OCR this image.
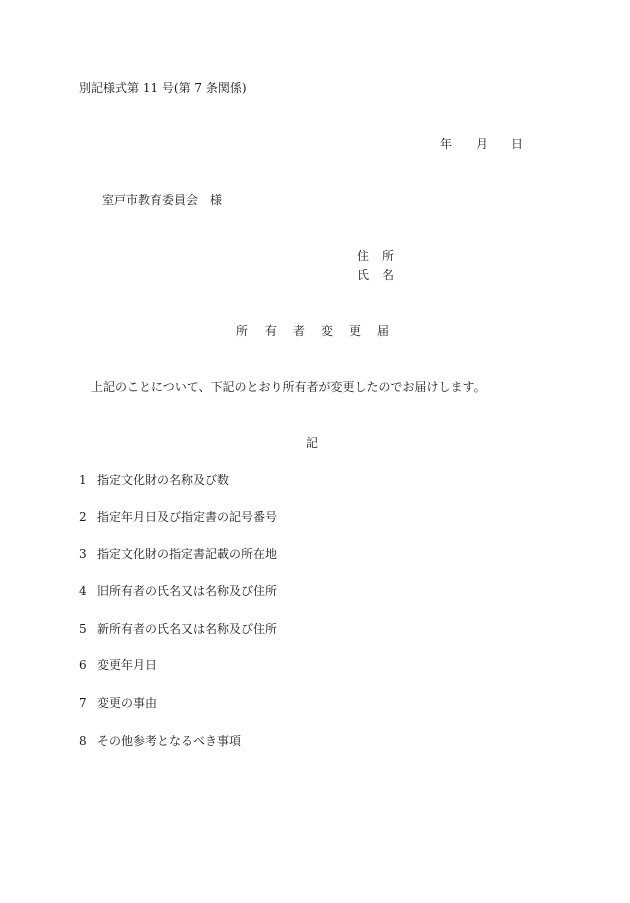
別記様式第 11 号(第 7 条関係)
年 月 日
室戸市教育委員会 様
住 所
氏 名
所 有 者 変 更 届
上記のことについて、下記のとおり所有者が変更したのでお届けします。
記
1 指定文化財の名称及び数
2 指定年月日及び指定書の記号番号
3 指定文化財の指定書記載の所在地
4 旧所有者の氏名又は名称及び住所
5 新所有者の氏名又は名称及び住所
6 変更年月日
7 変更の事由
8 その他参考となるべき事項
